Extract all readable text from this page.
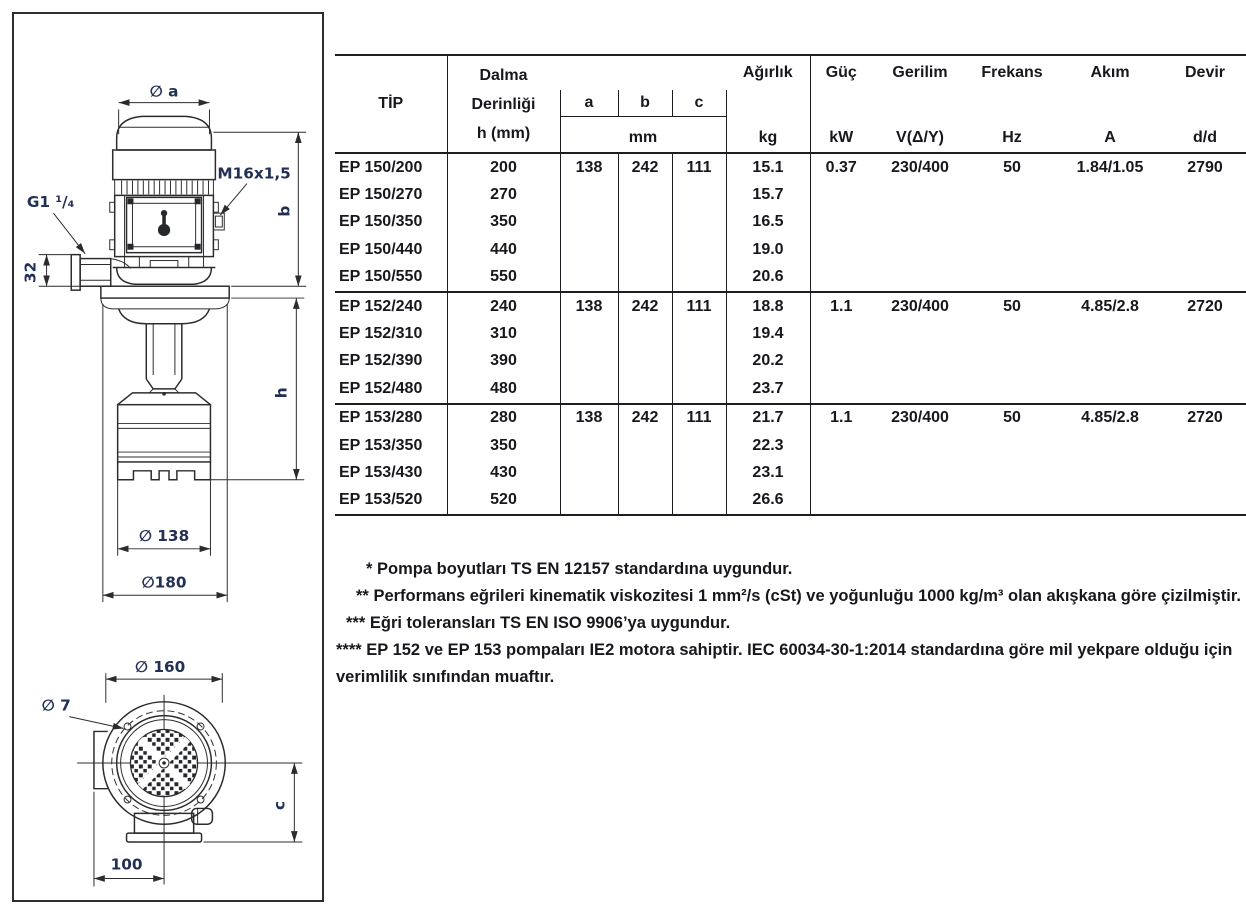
∅ a
M16x1,5
G1 ¹/₄
32
b
h
∅ 138
∅180
∅ 160
∅ 7
c
100
TİP	Dalma
Derinliği
h (mm)				Ağırlık	Güç	Gerilim	Frekans	Akım	Devir
		a	b	c						
		mm			kg	kW	V(Δ/Y)	Hz	A	d/d
EP 150/200	200	138	242	111	15.1	0.37	230/400	50	1.84/1.05	2790
EP 150/270	270				15.7					
EP 150/350	350				16.5					
EP 150/440	440				19.0					
EP 150/550	550				20.6					
EP 152/240	240	138	242	111	18.8	1.1	230/400	50	4.85/2.8	2720
EP 152/310	310				19.4					
EP 152/390	390				20.2					
EP 152/480	480				23.7					
EP 153/280	280	138	242	111	21.7	1.1	230/400	50	4.85/2.8	2720
EP 153/350	350				22.3					
EP 153/430	430				23.1					
EP 153/520	520				26.6					

* Pompa boyutları TS EN 12157 standardına uygundur.

** Performans eğrileri kinematik viskozitesi 1 mm²/s (cSt) ve yoğunluğu 1000 kg/m³ olan akışkana göre çizilmiştir.

*** Eğri toleransları TS EN ISO 9906’ya uygundur.

**** EP 152 ve EP 153 pompaları IE2 motora sahiptir. IEC 60034-30-1:2014 standardına göre mil yekpare olduğu için verimlilik sınıfından muaftır.
